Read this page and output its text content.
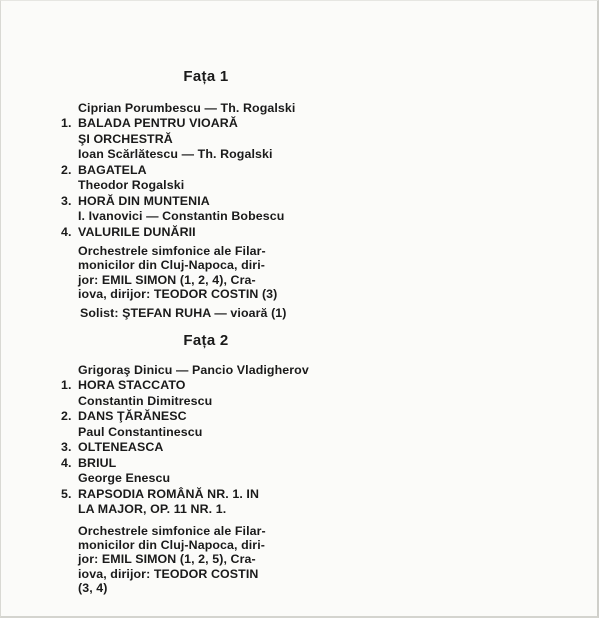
Fața 1
Ciprian Porumbescu — Th. Rogalski
1. BALADA PENTRU VIOARĂ
ŞI ORCHESTRĂ
Ioan Scărlătescu — Th. Rogalski
2. BAGATELA
Theodor Rogalski
3. HORĂ DIN MUNTENIA
I. Ivanovici — Constantin Bobescu
4. VALURILE DUNĂRII
Orchestrele simfonice ale Filar-
monicilor din Cluj-Napoca, diri-
jor: EMIL SIMON (1, 2, 4), Cra-
iova, dirijor: TEODOR COSTIN (3)
Solist: ŞTEFAN RUHA — vioară (1)
Fața 2
Grigoraş Dinicu — Pancio Vladigherov
1. HORA STACCATO
Constantin Dimitrescu
2. DANS ŢĂRĂNESC
Paul Constantinescu
3. OLTENEASCA
4. BRIUL
George Enescu
5. RAPSODIA ROMÂNĂ NR. 1. IN
LA MAJOR, OP. 11 NR. 1.
Orchestrele simfonice ale Filar-
monicilor din Cluj-Napoca, diri-
jor: EMIL SIMON (1, 2, 5), Cra-
iova, dirijor: TEODOR COSTIN
(3, 4)
